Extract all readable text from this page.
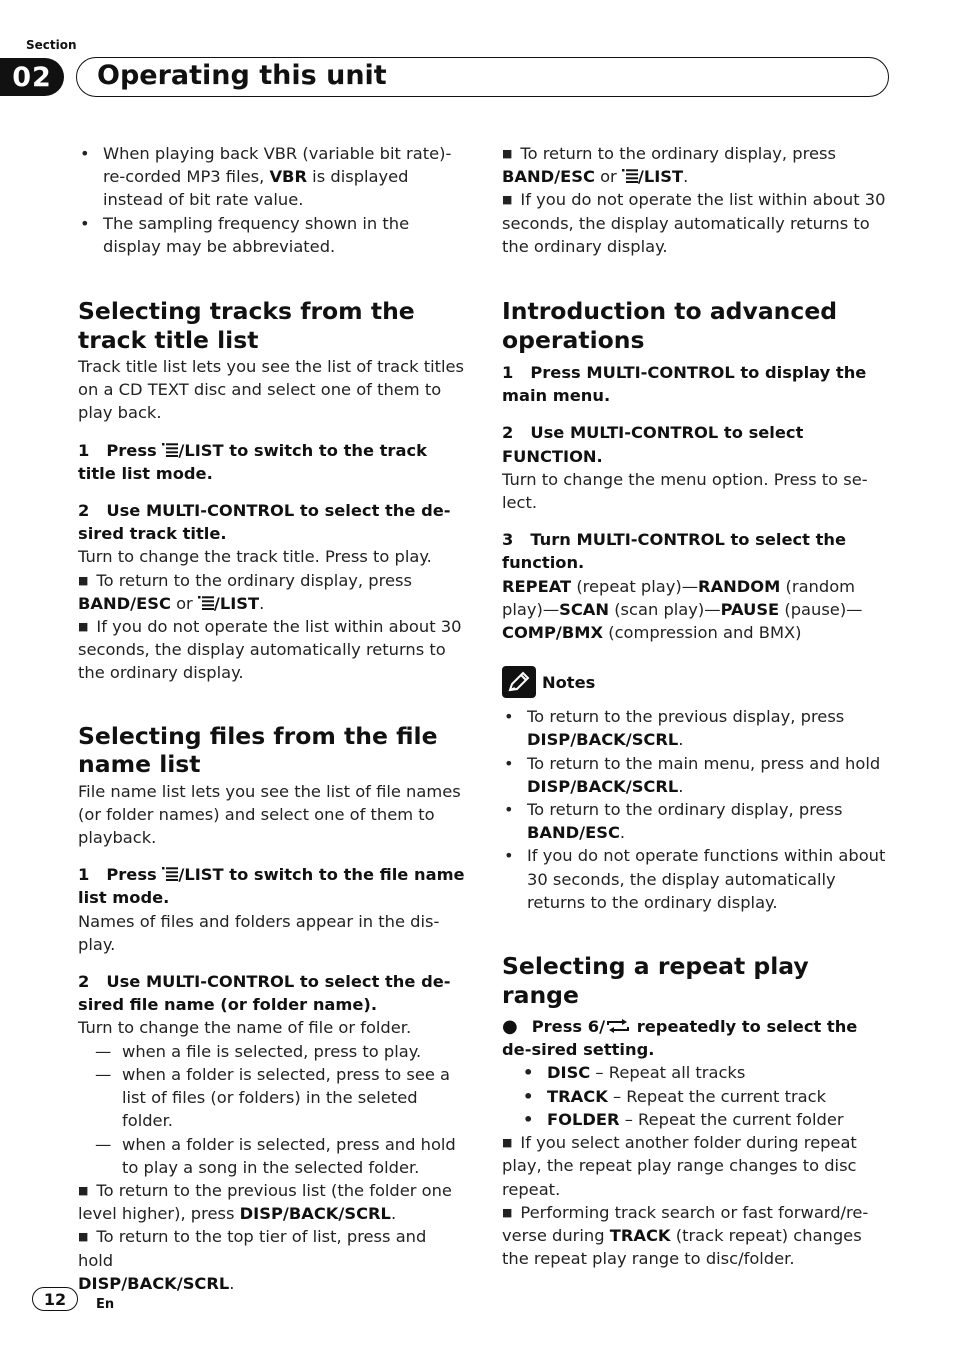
Section
02	Operating this unit

• When playing back VBR (variable bit rate)-re-corded MP3 files, VBR is displayed instead of bit rate value.

• The sampling frequency shown in the display may be abbreviated.

Selecting tracks from the track title list

Track title list lets you see the list of track titles on a CD TEXT disc and select one of them to play back.

1 Press /LIST to switch to the track title list mode.

2 Use MULTI-CONTROL to select the de-sired track title.

Turn to change the track title. Press to play.

■ To return to the ordinary display, press
BAND/ESC or /LIST.

■ If you do not operate the list within about 30 seconds, the display automatically returns to the ordinary display.

Selecting files from the file name list

File name list lets you see the list of file names (or folder names) and select one of them to playback.

1 Press /LIST to switch to the file name list mode.

Names of files and folders appear in the dis-play.

2 Use MULTI-CONTROL to select the de-sired file name (or folder name).

Turn to change the name of file or folder.

— when a file is selected, press to play.

— when a folder is selected, press to see a list of files (or folders) in the seleted folder.

— when a folder is selected, press and hold to play a song in the selected folder.

■ To return to the previous list (the folder one level higher), press DISP/BACK/SCRL.

■ To return to the top tier of list, press and hold
DISP/BACK/SCRL.

■ To return to the ordinary display, press
BAND/ESC or /LIST.

■ If you do not operate the list within about 30 seconds, the display automatically returns to the ordinary display.

Introduction to advanced operations

1 Press MULTI-CONTROL to display the main menu.

2 Use MULTI-CONTROL to select FUNCTION.

Turn to change the menu option. Press to se-lect.

3 Turn MULTI-CONTROL to select the function.

REPEAT (repeat play)—RANDOM (random play)—SCAN (scan play)—PAUSE (pause)—COMP/BMX (compression and BMX)

Notes

• To return to the previous display, press
DISP/BACK/SCRL.

• To return to the main menu, press and hold
DISP/BACK/SCRL.

• To return to the ordinary display, press
BAND/ESC.

• If you do not operate functions within about 30 seconds, the display automatically returns to the ordinary display.

Selecting a repeat play range

● Press 6/ repeatedly to select the de-sired setting.

• DISC – Repeat all tracks

• TRACK – Repeat the current track

• FOLDER – Repeat the current folder

■ If you select another folder during repeat play, the repeat play range changes to disc repeat.

■ Performing track search or fast forward/re-verse during TRACK (track repeat) changes the repeat play range to disc/folder.

12	En
